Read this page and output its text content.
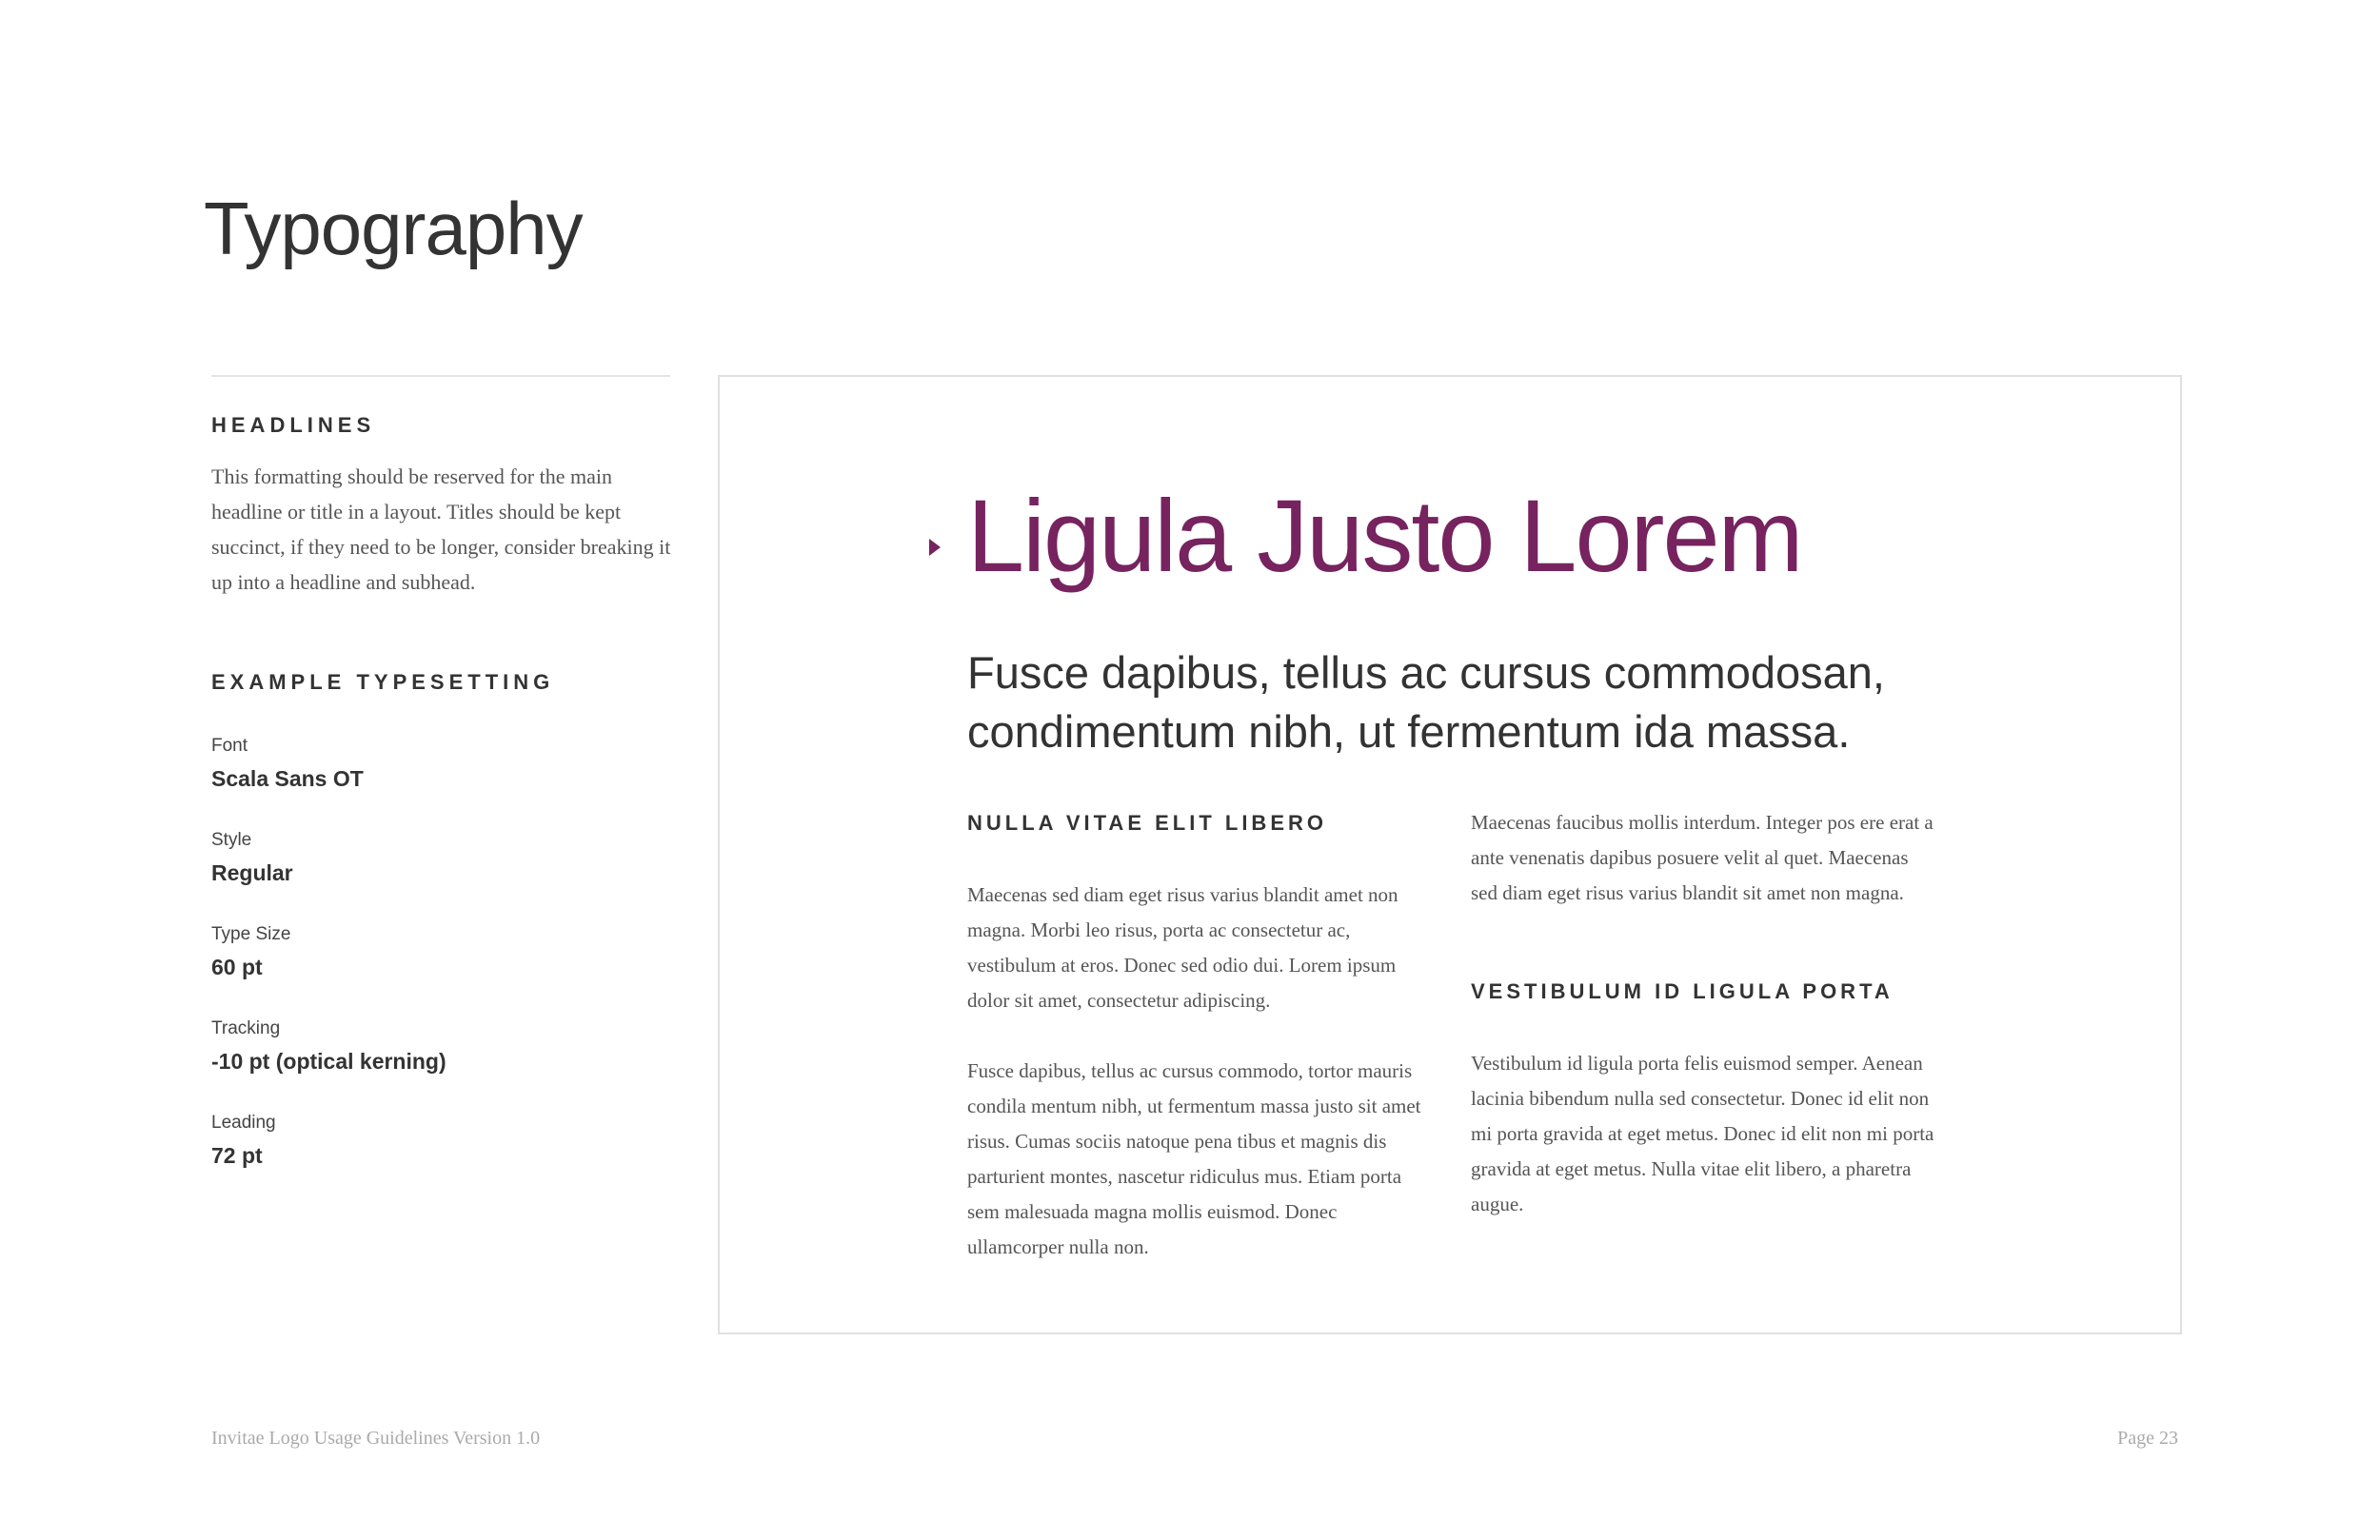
Typography
HEADLINES

This formatting should be reserved for the main headline or title in a layout. Titles should be kept succinct, if they need to be longer, consider breaking it up into a headline and subhead.

EXAMPLE TYPESETTING
Font
Scala Sans OT
Style
Regular
Type Size
60 pt
Tracking
-10 pt (optical kerning)
Leading
72 pt
Ligula Justo Lorem

Fusce dapibus, tellus ac cursus commodosan, condimentum nibh, ut fermentum ida massa.

NULLA VITAE ELIT LIBERO

Maecenas sed diam eget risus varius blandit amet non magna. Morbi leo risus, porta ac consectetur ac, vestibulum at eros. Donec sed odio dui. Lorem ipsum dolor sit amet, consectetur adipiscing.

Fusce dapibus, tellus ac cursus commodo, tortor mauris condila mentum nibh, ut fermentum massa justo sit amet risus. Cumas sociis natoque pena tibus et magnis dis parturient montes, nascetur ridiculus mus. Etiam porta sem malesuada magna mollis euismod. Donec ullamcorper nulla non.

Maecenas faucibus mollis interdum. Integer pos ere erat a ante venenatis dapibus posuere velit al quet. Maecenas sed diam eget risus varius blandit sit amet non magna.

VESTIBULUM ID LIGULA PORTA

Vestibulum id ligula porta felis euismod semper. Aenean lacinia bibendum nulla sed consectetur. Donec id elit non mi porta gravida at eget metus. Donec id elit non mi porta gravida at eget metus. Nulla vitae elit libero, a pharetra augue.

Invitae Logo Usage Guidelines Version 1.0	Page 23
